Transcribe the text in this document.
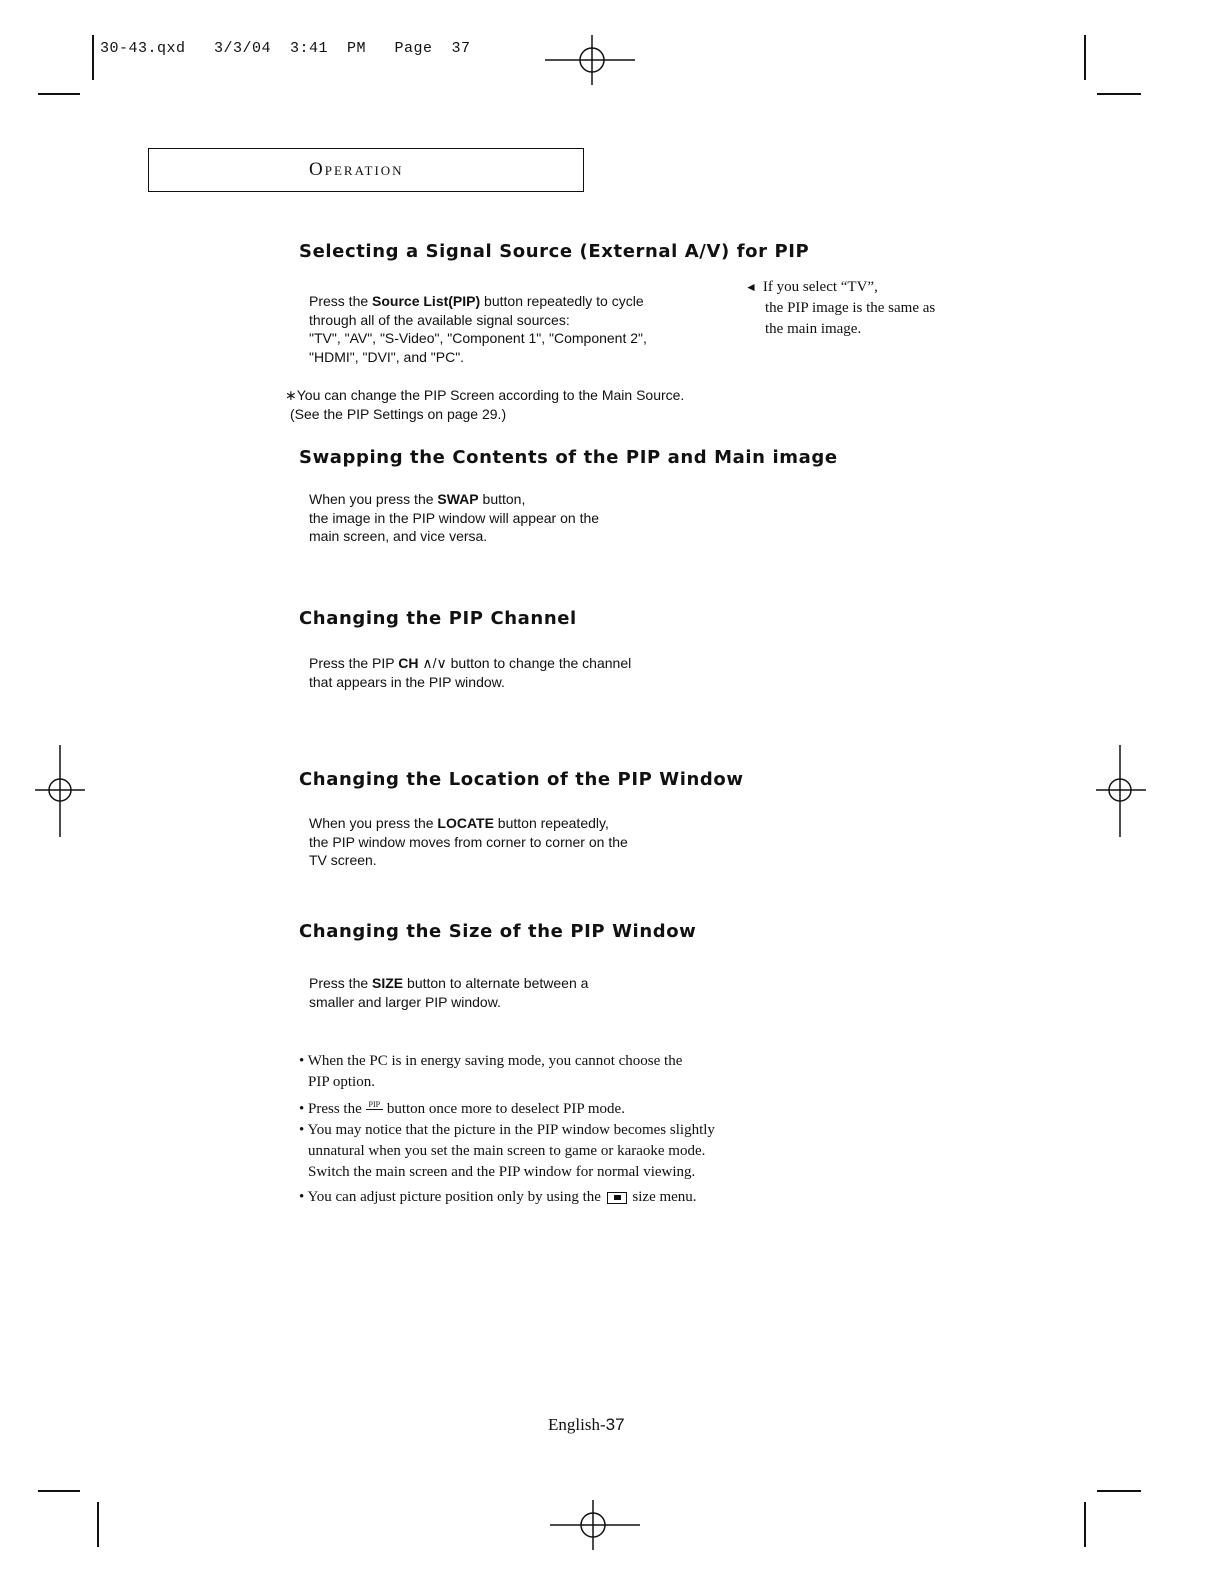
30-43.qxd   3/3/04  3:41  PM   Page  37
Operation
Selecting a Signal Source (External A/V) for PIP
Press the Source List(PIP) button repeatedly to cycle
through all of the available signal sources:
"TV", "AV", "S-Video", "Component 1", "Component 2",
"HDMI", "DVI", and "PC".
∗You can change the PIP Screen according to the Main Source.
(See the PIP Settings on page 29.)
◄ If you select “TV”,
the PIP image is the same as
the main image.
Swapping the Contents of the PIP and Main image
When you press the SWAP button,
the image in the PIP window will appear on the
main screen, and vice versa.
Changing the PIP Channel
Press the PIP CH ∧/∨ button to change the channel
that appears in the PIP window.
Changing the Location of the PIP Window
When you press the LOCATE button repeatedly,
the PIP window moves from corner to corner on the
TV screen.
Changing the Size of the PIP Window
Press the SIZE button to alternate between a
smaller and larger PIP window.
• When the PC is in energy saving mode, you cannot choose the
PIP option.
• Press the PIP button once more to deselect PIP mode.
• You may notice that the picture in the PIP window becomes slightly
unnatural when you set the main screen to game or karaoke mode.
Switch the main screen and the PIP window for normal viewing.
• You can adjust picture position only by using the  size menu.
English-37
